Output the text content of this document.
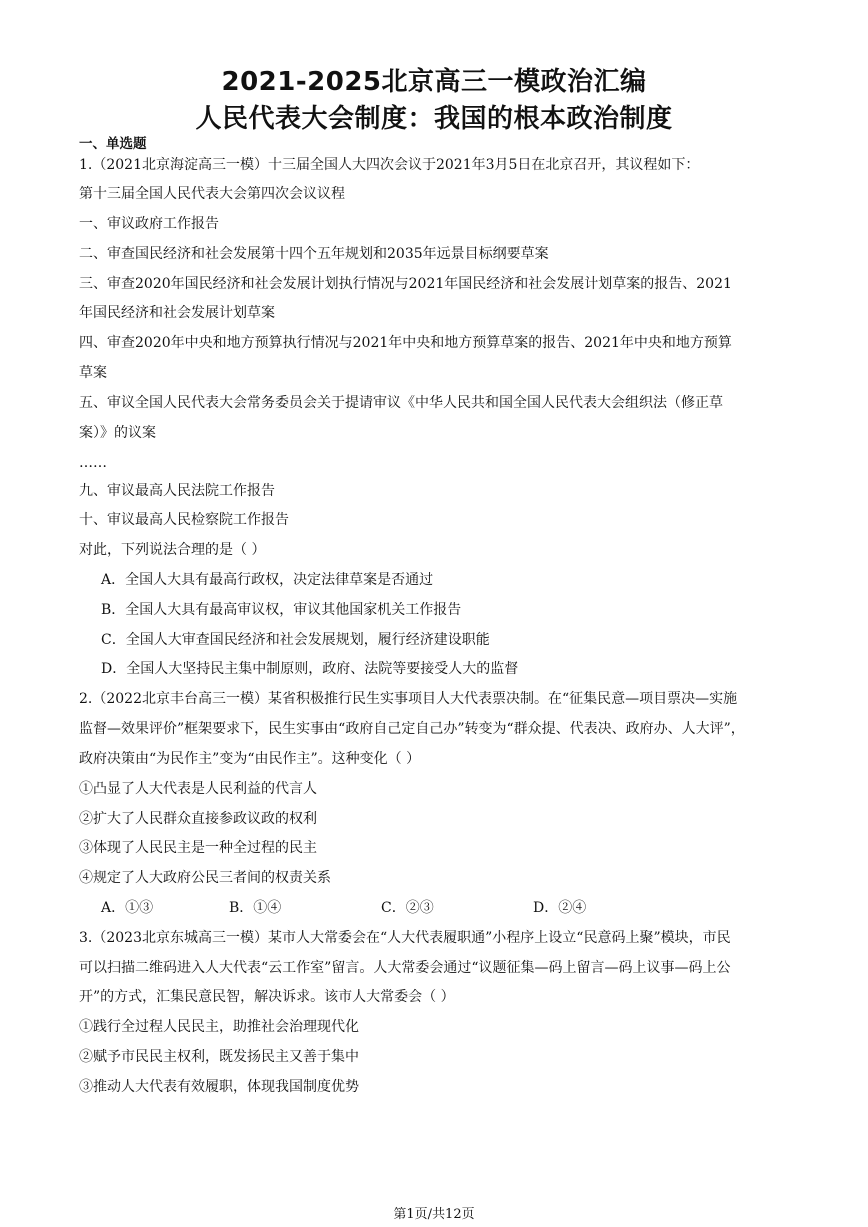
2021-2025北京高三一模政治汇编
人民代表大会制度：我国的根本政治制度
一、单选题
1.（2021北京海淀高三一模）十三届全国人大四次会议于2021年3月5日在北京召开，其议程如下：
第十三届全国人民代表大会第四次会议议程
一、审议政府工作报告
二、审查国民经济和社会发展第十四个五年规划和2035年远景目标纲要草案
三、审查2020年国民经济和社会发展计划执行情况与2021年国民经济和社会发展计划草案的报告、2021
年国民经济和社会发展计划草案
四、审查2020年中央和地方预算执行情况与2021年中央和地方预算草案的报告、2021年中央和地方预算
草案
五、审议全国人民代表大会常务委员会关于提请审议《中华人民共和国全国人民代表大会组织法（修正草
案）》的议案
……
九、审议最高人民法院工作报告
十、审议最高人民检察院工作报告
对此，下列说法合理的是（ ）
A．全国人大具有最高行政权，决定法律草案是否通过
B．全国人大具有最高审议权，审议其他国家机关工作报告
C．全国人大审查国民经济和社会发展规划，履行经济建设职能
D．全国人大坚持民主集中制原则，政府、法院等要接受人大的监督
2.（2022北京丰台高三一模）某省积极推行民生实事项目人大代表票决制。在“征集民意—项目票决—实施
监督—效果评价”框架要求下，民生实事由“政府自己定自己办”转变为“群众提、代表决、政府办、人大评”，
政府决策由“为民作主”变为“由民作主”。这种变化（ ）
①凸显了人大代表是人民利益的代言人
②扩大了人民群众直接参政议政的权利
③体现了人民民主是一种全过程的民主
④规定了人大政府公民三者间的权责关系
A．①③	B．①④	C．②③	D．②④
3.（2023北京东城高三一模）某市人大常委会在“人大代表履职通”小程序上设立“民意码上聚”模块，市民
可以扫描二维码进入人大代表“云工作室”留言。人大常委会通过“议题征集—码上留言—码上议事—码上公
开”的方式，汇集民意民智，解决诉求。该市人大常委会（ ）
①践行全过程人民民主，助推社会治理现代化
②赋予市民民主权利，既发扬民主又善于集中
③推动人大代表有效履职，体现我国制度优势
第1页/共12页
